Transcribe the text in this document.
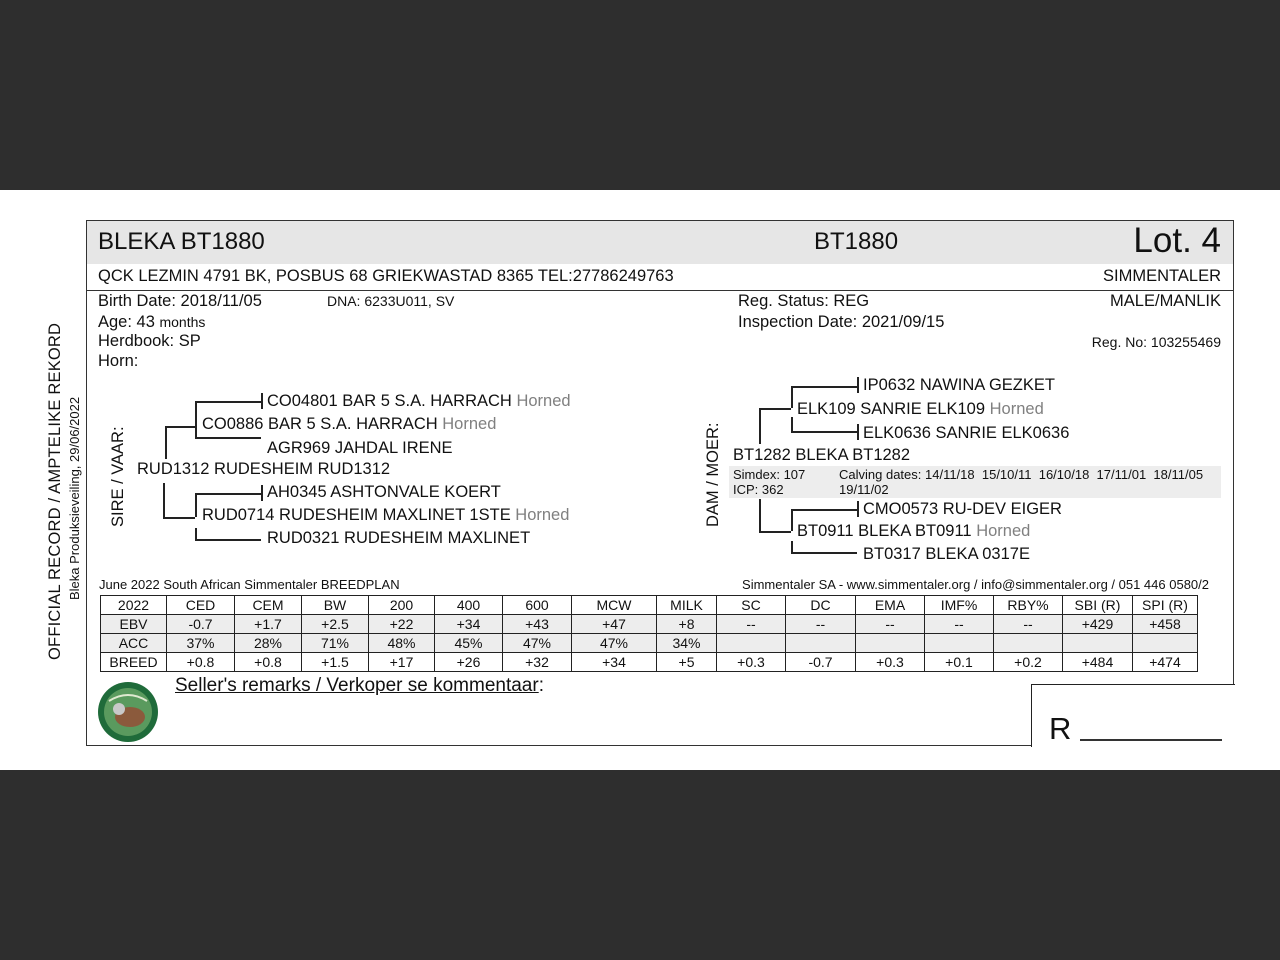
OFFICIAL RECORD / AMPTELIKE REKORD Bleka Produksieveiling, 29/06/2022
BLEKA BT1880	BT1880	Lot. 4
QCK LEZMIN 4791 BK, POSBUS 68 GRIEKWASTAD 8365 TEL:27786249763	SIMMENTALER
Birth Date: 2018/11/05	DNA: 6233U011, SV
Age: 43 months
Herdbook: SP
Horn:
Reg. Status: REG
Inspection Date: 2021/09/15
MALE/MANLIK
Reg. No: 103255469
SIRE / VAAR:
CO04801 BAR 5 S.A. HARRACH Horned
CO0886 BAR 5 S.A. HARRACH Horned
AGR969 JAHDAL IRENE
RUD1312 RUDESHEIM RUD1312
AH0345 ASHTONVALE KOERT
RUD0714 RUDESHEIM MAXLINET 1STE Horned
RUD0321 RUDESHEIM MAXLINET
DAM / MOER:
IP0632 NAWINA GEZKET
ELK109 SANRIE ELK109 Horned
ELK0636 SANRIE ELK0636
BT1282 BLEKA BT1282
Simdex: 107
ICP: 362
Calving dates: 14/11/18  15/10/11  16/10/18  17/11/01  18/11/05
19/11/02
CMO0573 RU-DEV EIGER
BT0911 BLEKA BT0911 Horned
BT0317 BLEKA 0317E
June 2022 South African Simmentaler BREEDPLAN	Simmentaler SA - www.simmentaler.org / info@simmentaler.org / 051 446 0580/2
2022	CED	CEM	BW	200	400	600	MCW	MILK	SC	DC	EMA	IMF%	RBY%	SBI (R)	SPI (R)
EBV	-0.7	+1.7	+2.5	+22	+34	+43	+47	+8	--	--	--	--	--	+429	+458
ACC	37%	28%	71%	48%	45%	47%	47%	34%							
BREED	+0.8	+0.8	+1.5	+17	+26	+32	+34	+5	+0.3	-0.7	+0.3	+0.1	+0.2	+484	+474
Seller's remarks / Verkoper se kommentaar:
R
